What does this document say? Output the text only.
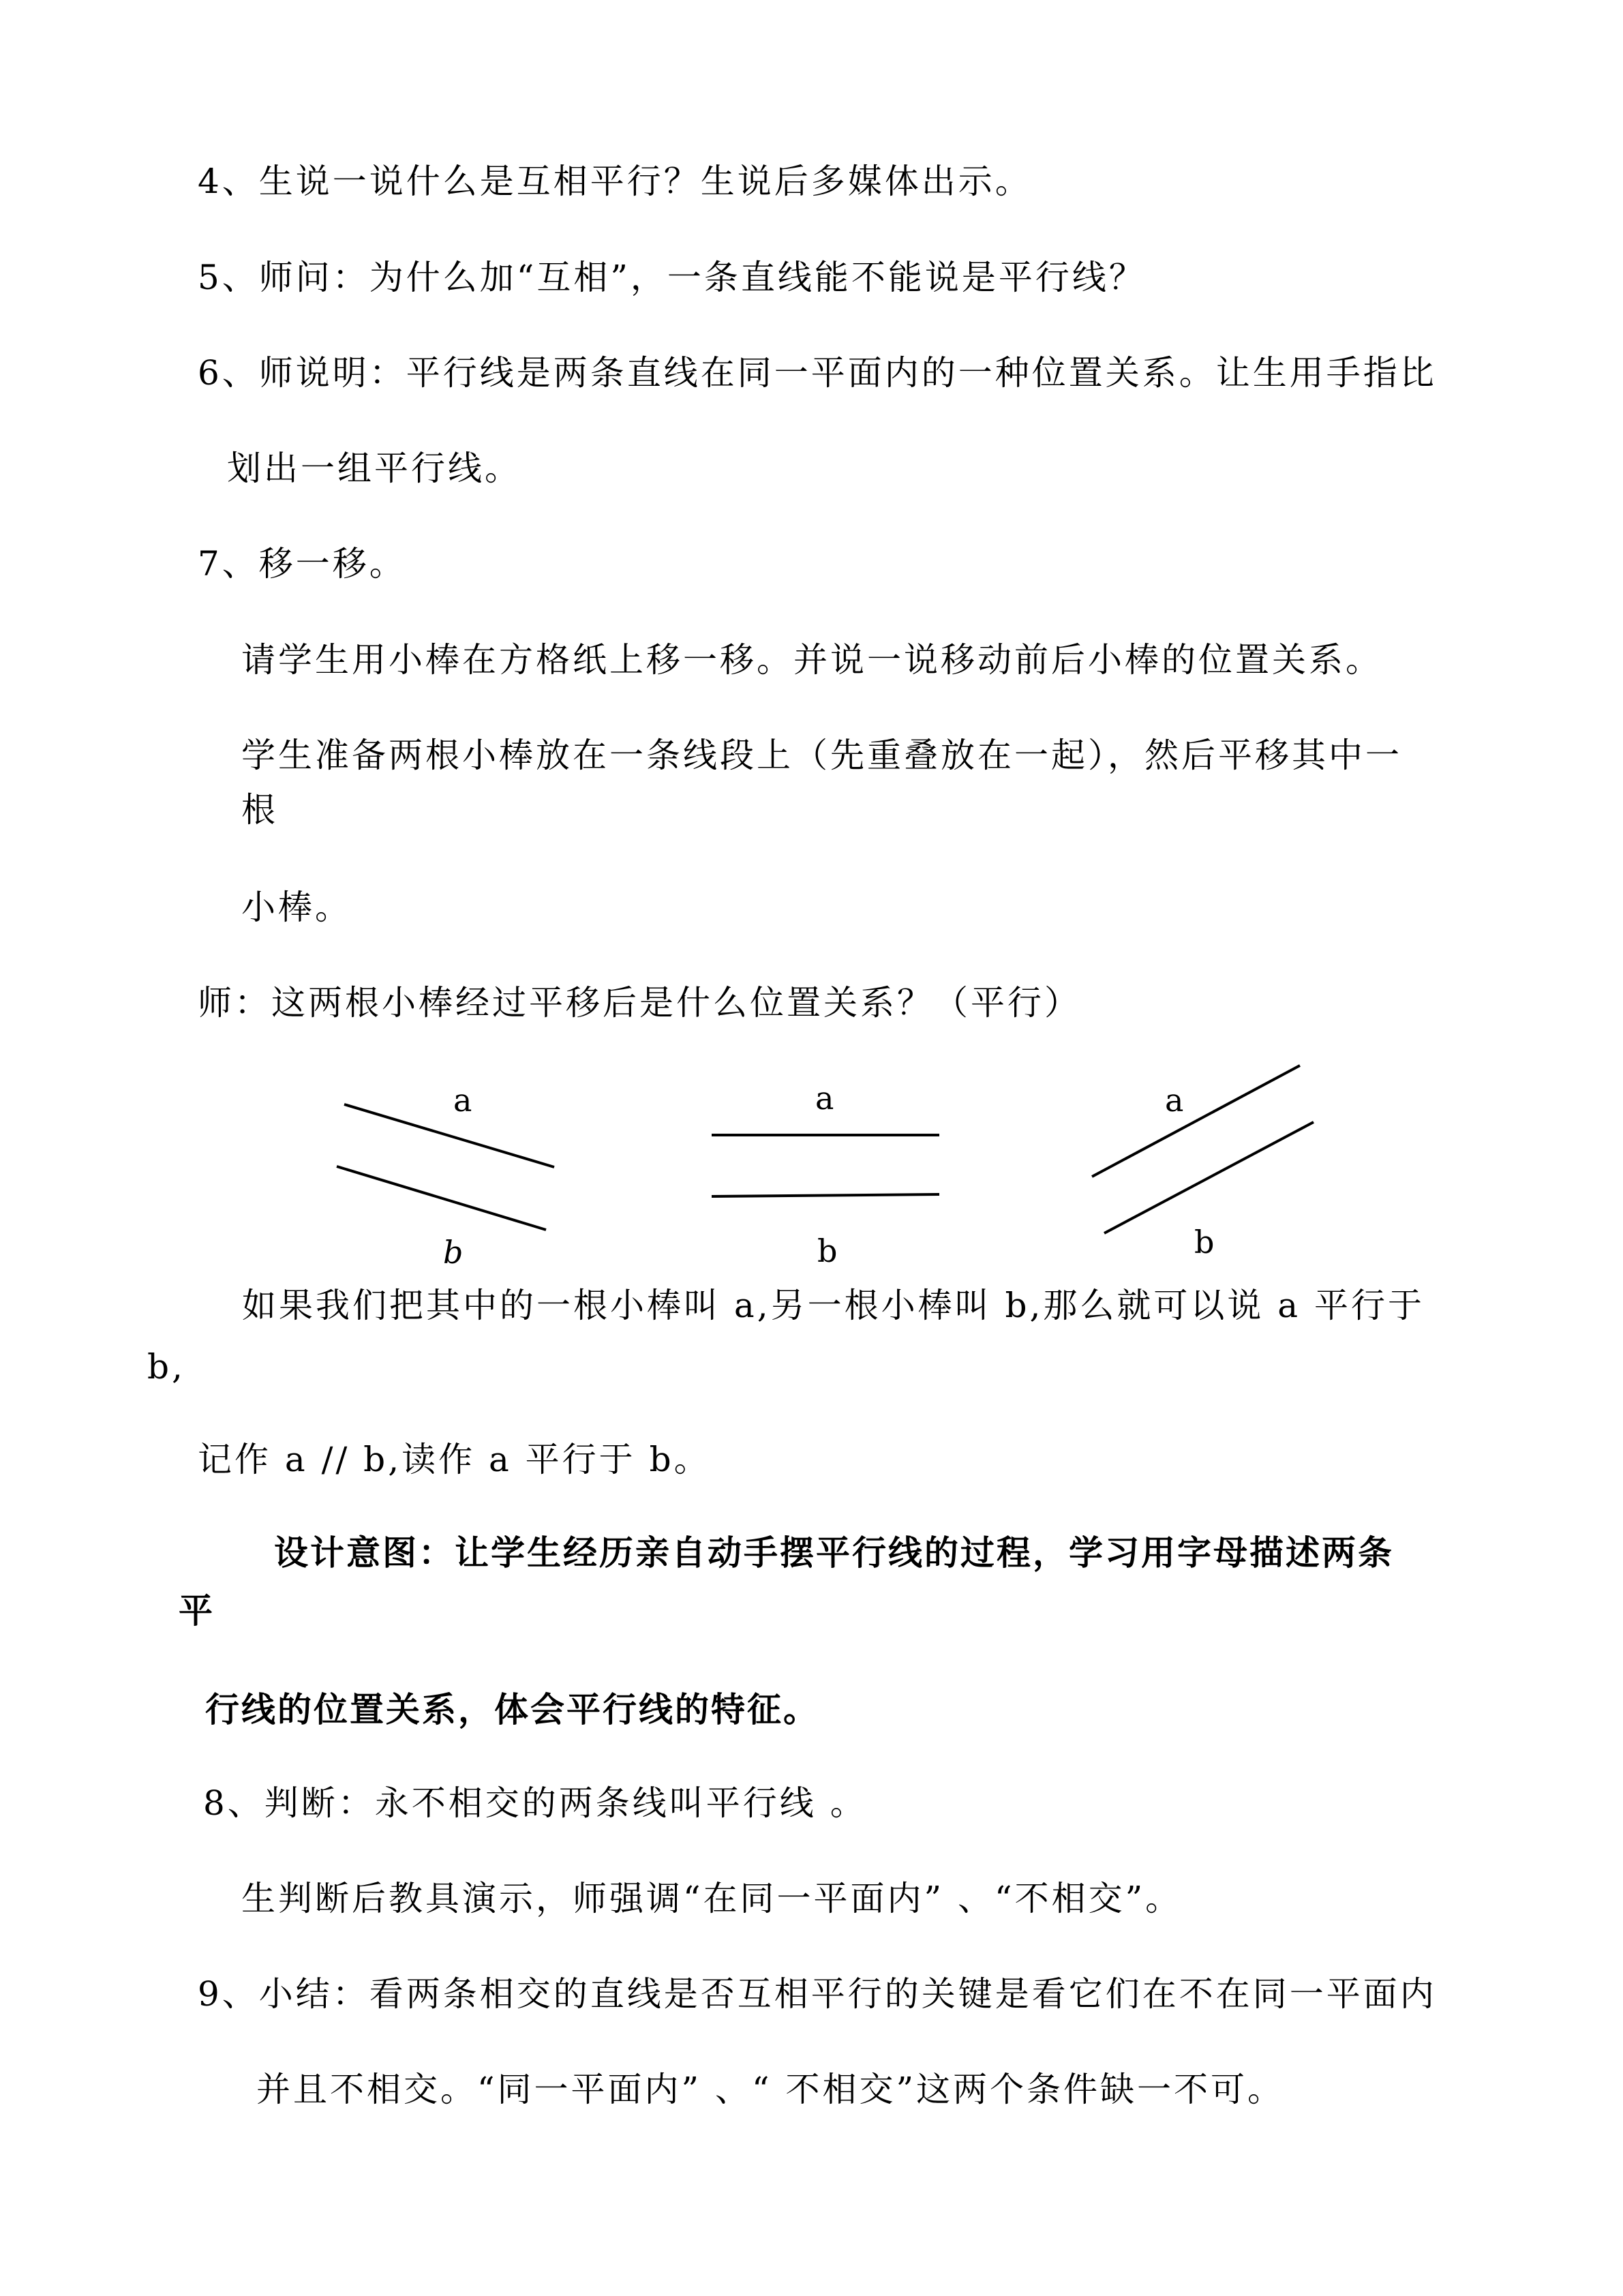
4、生说一说什么是互相平行？生说后多媒体出示。
5、师问：为什么加“互相”，一条直线能不能说是平行线？
6、师说明：平行线是两条直线在同一平面内的一种位置关系。让生用手指比
划出一组平行线。
7、移一移。
请学生用小棒在方格纸上移一移。并说一说移动前后小棒的位置关系。
学生准备两根小棒放在一条线段上（先重叠放在一起），然后平移其中一
根
小棒。
师：这两根小棒经过平移后是什么位置关系？（平行）
a
b
a
b
a
b
如果我们把其中的一根小棒叫 a,另一根小棒叫 b,那么就可以说 a 平行于
b,
记作 a // b,读作 a 平行于 b。
设计意图：让学生经历亲自动手摆平行线的过程，学习用字母描述两条
平
行线的位置关系，体会平行线的特征。
8、判断：永不相交的两条线叫平行线 。
生判断后教具演示，师强调“在同一平面内” 、“不相交”。
9、小结：看两条相交的直线是否互相平行的关键是看它们在不在同一平面内
并且不相交。“同一平面内” 、“ 不相交”这两个条件缺一不可。
